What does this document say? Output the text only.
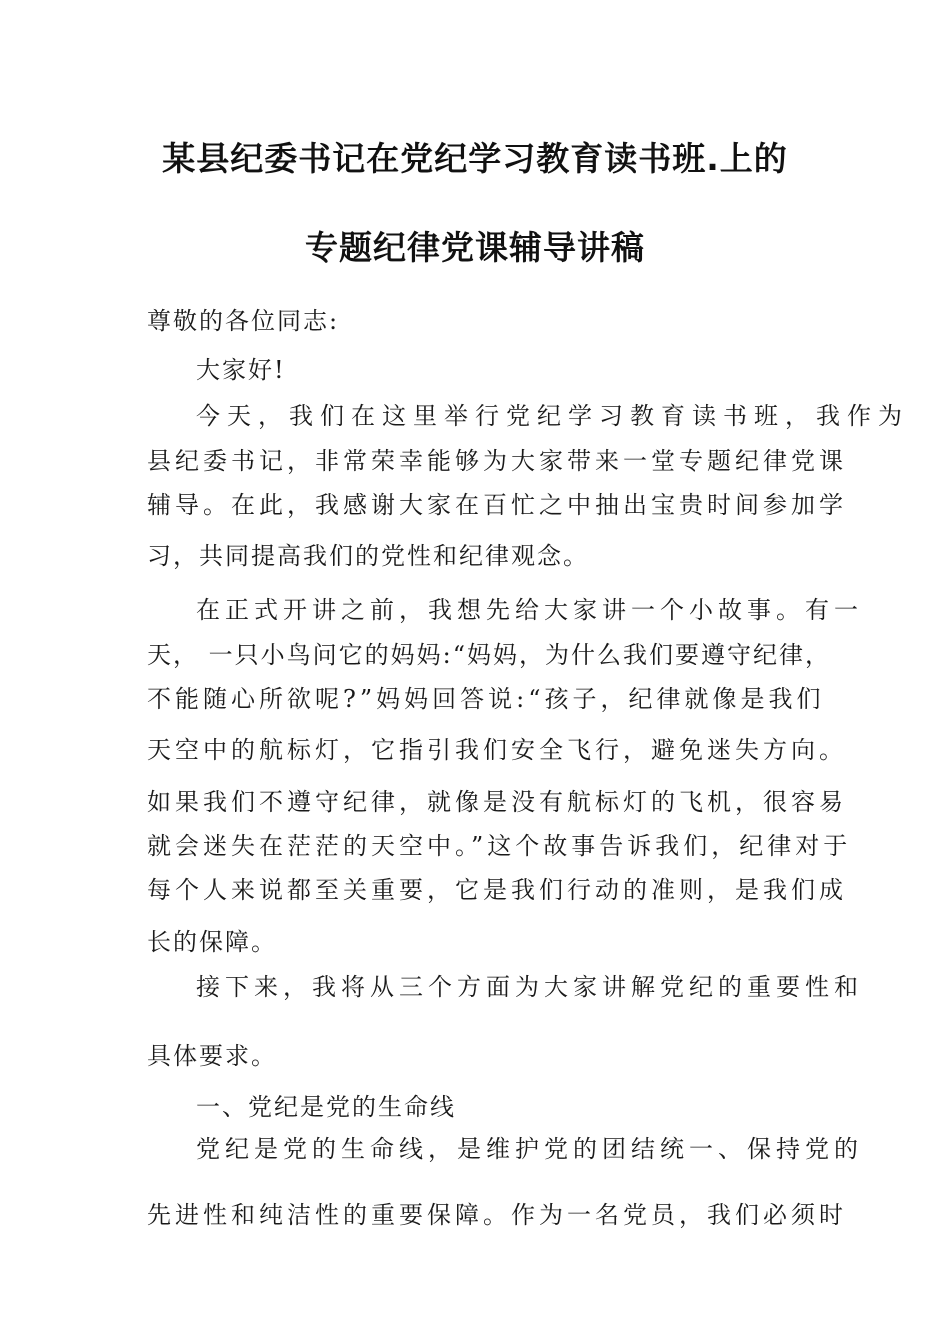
某县纪委书记在党纪学习教育读书班.上的
专题纪律党课辅导讲稿
尊敬的各位同志:
大家好!
今天，我们在这里举行党纪学习教育读书班，我作为
县纪委书记，非常荣幸能够为大家带来一堂专题纪律党课
辅导。在此，我感谢大家在百忙之中抽出宝贵时间参加学
习，共同提高我们的党性和纪律观念。
在正式开讲之前，我想先给大家讲一个小故事。有一
天， 一只小鸟问它的妈妈:“妈妈，为什么我们要遵守纪律，
不能随心所欲呢?”妈妈回答说:“孩子，纪律就像是我们
天空中的航标灯，它指引我们安全飞行，避免迷失方向。
如果我们不遵守纪律，就像是没有航标灯的飞机，很容易
就会迷失在茫茫的天空中。”这个故事告诉我们，纪律对于
每个人来说都至关重要，它是我们行动的准则，是我们成
长的保障。
接下来，我将从三个方面为大家讲解党纪的重要性和
具体要求。
一、党纪是党的生命线
党纪是党的生命线，是维护党的团结统一、保持党的
先进性和纯洁性的重要保障。作为一名党员，我们必须时
